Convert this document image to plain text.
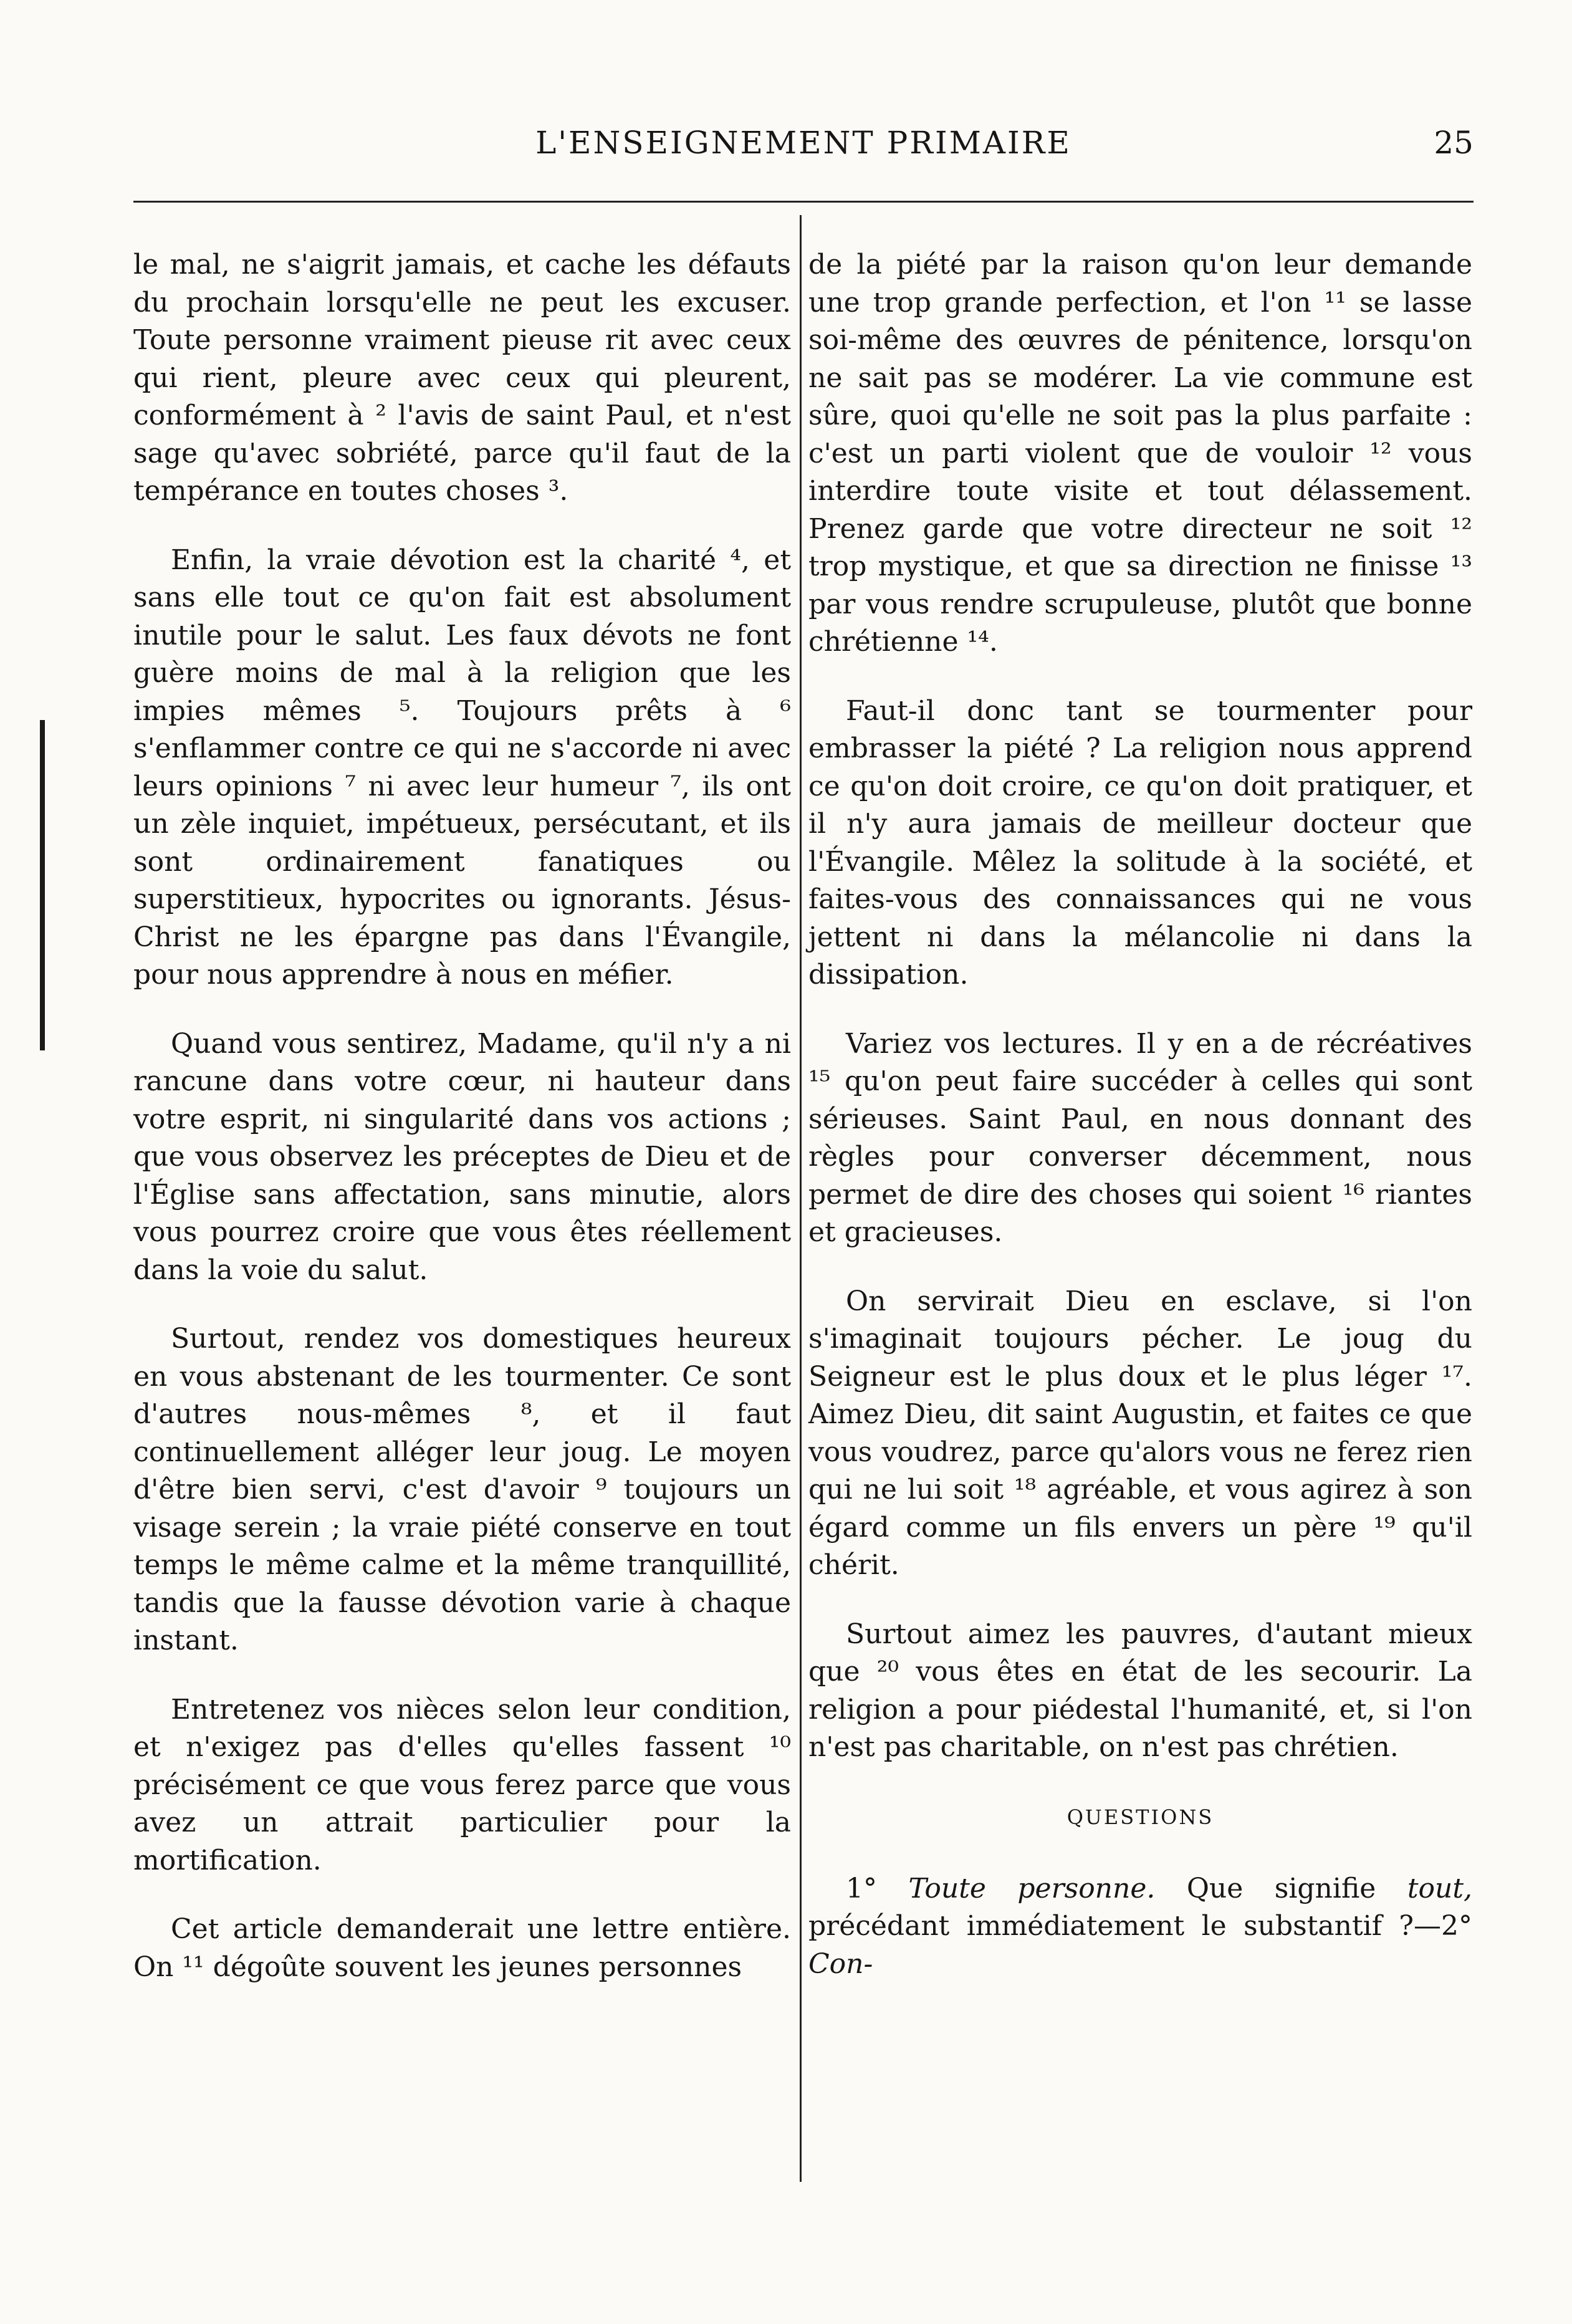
L'ENSEIGNEMENT PRIMAIRE	25

le mal, ne s'aigrit jamais, et cache les défauts du prochain lorsqu'elle ne peut les excuser. Toute personne vraiment pieuse rit avec ceux qui rient, pleure avec ceux qui pleurent, conformément à ² l'avis de saint Paul, et n'est sage qu'avec sobriété, parce qu'il faut de la tempérance en toutes choses ³.

Enfin, la vraie dévotion est la charité ⁴, et sans elle tout ce qu'on fait est absolument inutile pour le salut. Les faux dévots ne font guère moins de mal à la religion que les impies mêmes ⁵. Toujours prêts à ⁶ s'enflammer contre ce qui ne s'accorde ni avec leurs opinions ⁷ ni avec leur humeur ⁷, ils ont un zèle inquiet, impétueux, persécutant, et ils sont ordinairement fanatiques ou superstitieux, hypocrites ou ignorants. Jésus-Christ ne les épargne pas dans l'Évangile, pour nous apprendre à nous en méfier.

Quand vous sentirez, Madame, qu'il n'y a ni rancune dans votre cœur, ni hauteur dans votre esprit, ni singularité dans vos actions ; que vous observez les préceptes de Dieu et de l'Église sans affectation, sans minutie, alors vous pourrez croire que vous êtes réellement dans la voie du salut.

Surtout, rendez vos domestiques heureux en vous abstenant de les tourmenter. Ce sont d'autres nous-mêmes ⁸, et il faut continuellement alléger leur joug. Le moyen d'être bien servi, c'est d'avoir ⁹ toujours un visage serein ; la vraie piété conserve en tout temps le même calme et la même tranquillité, tandis que la fausse dévotion varie à chaque instant.

Entretenez vos nièces selon leur condition, et n'exigez pas d'elles qu'elles fassent ¹⁰ précisément ce que vous ferez parce que vous avez un attrait particulier pour la mortification.

Cet article demanderait une lettre entière. On ¹¹ dégoûte souvent les jeunes personnes

de la piété par la raison qu'on leur demande une trop grande perfection, et l'on ¹¹ se lasse soi-même des œuvres de pénitence, lorsqu'on ne sait pas se modérer. La vie commune est sûre, quoi qu'elle ne soit pas la plus parfaite : c'est un parti violent que de vouloir ¹² vous interdire toute visite et tout délassement. Prenez garde que votre directeur ne soit ¹² trop mystique, et que sa direction ne finisse ¹³ par vous rendre scrupuleuse, plutôt que bonne chrétienne ¹⁴.

Faut-il donc tant se tourmenter pour embrasser la piété ? La religion nous apprend ce qu'on doit croire, ce qu'on doit pratiquer, et il n'y aura jamais de meilleur docteur que l'Évangile. Mêlez la solitude à la société, et faites-vous des connaissances qui ne vous jettent ni dans la mélancolie ni dans la dissipation.

Variez vos lectures. Il y en a de récréatives ¹⁵ qu'on peut faire succéder à celles qui sont sérieuses. Saint Paul, en nous donnant des règles pour converser décemment, nous permet de dire des choses qui soient ¹⁶ riantes et gracieuses.

On servirait Dieu en esclave, si l'on s'imaginait toujours pécher. Le joug du Seigneur est le plus doux et le plus léger ¹⁷. Aimez Dieu, dit saint Augustin, et faites ce que vous voudrez, parce qu'alors vous ne ferez rien qui ne lui soit ¹⁸ agréable, et vous agirez à son égard comme un fils envers un père ¹⁹ qu'il chérit.

Surtout aimez les pauvres, d'autant mieux que ²⁰ vous êtes en état de les secourir. La religion a pour piédestal l'humanité, et, si l'on n'est pas charitable, on n'est pas chrétien.

QUESTIONS

1° Toute personne. Que signifie tout, précédant immédiatement le substantif ?—2° Con-
